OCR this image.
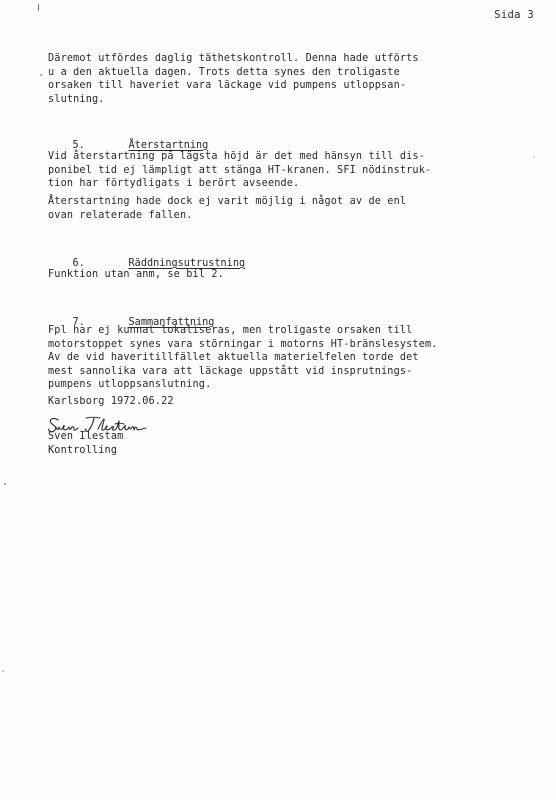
Sida 3
Däremot utfördes daglig täthetskontroll. Denna hade utförts
u a den aktuella dagen. Trots detta synes den troligaste
orsaken till haveriet vara läckage vid pumpens utloppsan-
slutning.

5.	Återstartning

Vid återstartning på lägsta höjd är det med hänsyn till dis-
ponibel tid ej lämpligt att stänga HT-kranen. SFI nödinstruk-
tion har förtydligats i berört avseende.
Återstartning hade dock ej varit möjlig i något av de enl
ovan relaterade fallen.

6.	Räddningsutrustning

Funktion utan anm, se bil 2.

7.	Sammanfattning

Fpl har ej kunnat lokaliseras, men troligaste orsaken till
motorstoppet synes vara störningar i motorns HT-bränslesystem.
Av de vid haveritillfället aktuella materielfelen torde det
mest sannolika vara att läckage uppstått vid insprutnings-
pumpens utloppsanslutning.
Karlsborg 1972.06.22
Sven Ilestam
Kontrolling
